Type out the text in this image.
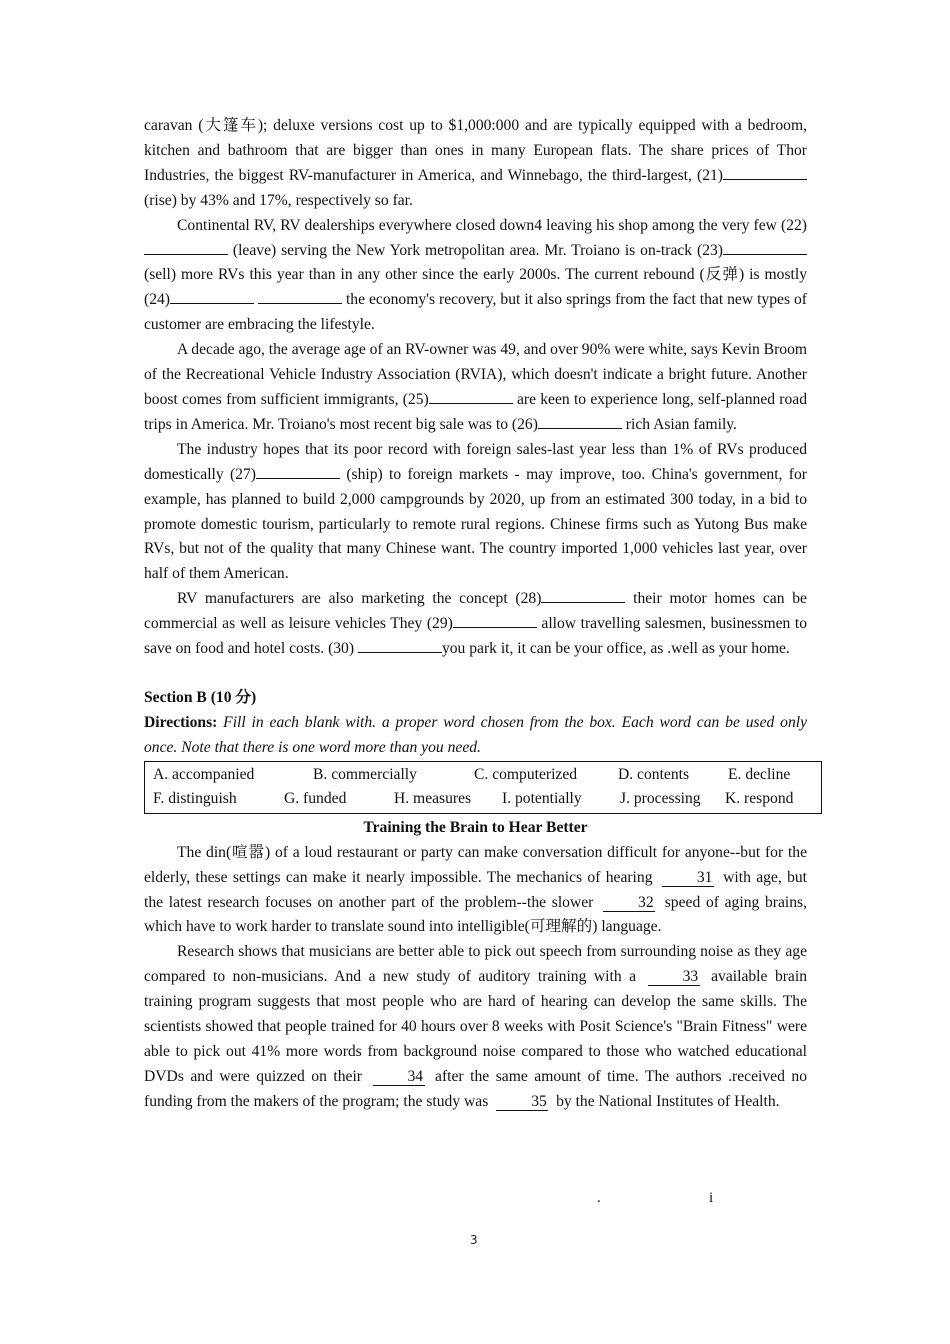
caravan (大篷车); deluxe versions cost up to $1,000:000 and are typically equipped with a bedroom, kitchen and bathroom that are bigger than ones in many European flats. The share prices of Thor Industries, the biggest RV-manufacturer in America, and Winnebago, the third-largest, (21) (rise) by 43% and 17%, respectively so far.

Continental RV, RV dealerships everywhere closed down4 leaving his shop among the very few (22) (leave) serving the New York metropolitan area. Mr. Troiano is on-track (23) (sell) more RVs this year than in any other since the early 2000s. The current rebound (反弹) is mostly (24)	the economy's recovery, but it also springs from the fact that new types of customer are embracing the lifestyle.

A decade ago, the average age of an RV-owner was 49, and over 90% were white, says Kevin Broom of the Recreational Vehicle Industry Association (RVIA), which doesn't indicate a bright future. Another boost comes from sufficient immigrants, (25)	are keen to experience long, self-planned road trips in America. Mr. Troiano's most recent big sale was to (26)	rich Asian family.

The industry hopes that its poor record with foreign sales-last year less than 1% of RVs produced domestically (27)	(ship) to foreign markets - may improve, too. China's government, for example, has planned to build 2,000 campgrounds by 2020, up from an estimated 300 today, in a bid to promote domestic tourism, particularly to remote rural regions. Chinese firms such as Yutong Bus make RVs, but not of the quality that many Chinese want. The country imported 1,000 vehicles last year, over half of them American.

RV manufacturers are also marketing the concept (28)	their motor homes can be commercial as well as leisure vehicles They (29)	allow travelling salesmen, businessmen to save on food and hotel costs. (30)	you park it, it can be your office, as .well as your home.

Section B (10 分)

Directions: Fill in each blank with. a proper word chosen from the box. Each word can be used only once. Note that there is one word more than you need.

A. accompanied	B. commercially	C. computerized	D. contents	E. decline
F. distinguish	G. funded	H. measures	I. potentially	J. processing	K. respond
Training the Brain to Hear Better

The din(喧嚣) of a loud restaurant or party can make conversation difficult for anyone--but for the elderly, these settings can make it nearly impossible. The mechanics of hearing	31 with age, but the latest research focuses on another part of the problem--the slower	32 speed of aging brains, which have to work harder to translate sound into intelligible(可理解的) language.

Research shows that musicians are better able to pick out speech from surrounding noise as they age compared to non-musicians. And a new study of auditory training with a	33 available brain training program suggests that most people who are hard of hearing can develop the same skills. The scientists showed that people trained for 40 hours over 8 weeks with Posit Science's "Brain Fitness" were able to pick out 41% more words from background noise compared to those who watched educational DVDs and were quizzed on their	34 after the same amount of time. The authors .received no funding from the makers of the program; the study was	35 by the National Institutes of Health.

.	i
3
